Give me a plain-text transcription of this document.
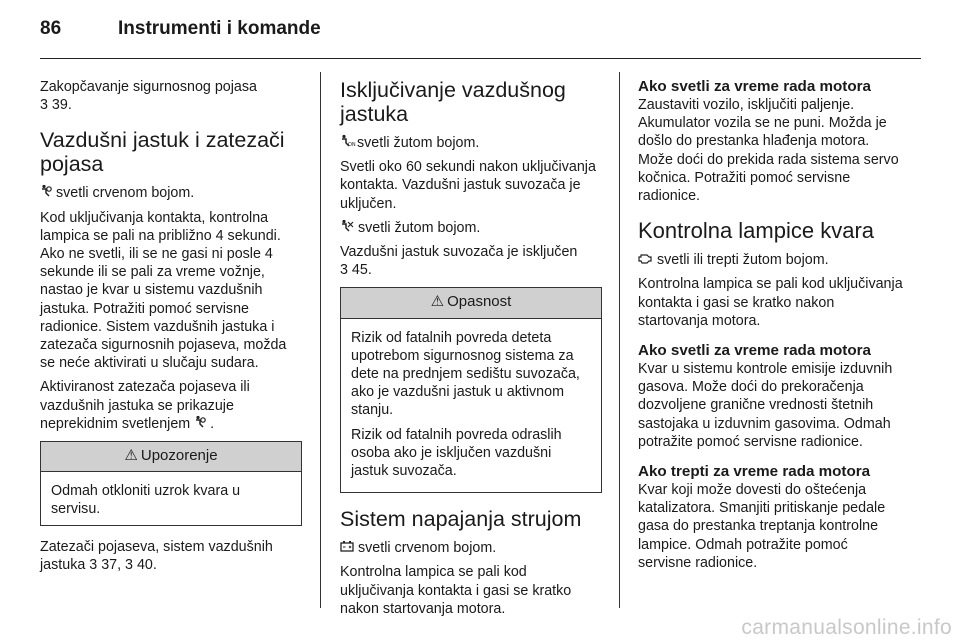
86	Instrumenti i komande

Zakopčavanje sigurnosnog pojasa
3 39.

Vazdušni jastuk i zatezači pojasa

svetli crvenom bojom.

Kod uključivanja kontakta, kontrolna lampica se pali na približno 4 sekundi. Ako ne svetli, ili se ne gasi ni posle 4 sekunde ili se pali za vreme vožnje, nastao je kvar u sistemu vazdušnih jastuka. Potražiti pomoć servisne radionice. Sistem vazdušnih jastuka i zatezača sigurnosnih pojaseva, možda se neće aktivirati u slučaju sudara.

Aktiviranost zatezača pojaseva ili vazdušnih jastuka se prikazuje neprekidnim svetlenjem .

⚠ Upozorenje
Odmah otkloniti uzrok kvara u servisu.

Zatezači pojaseva, sistem vazdušnih jastuka 3 37, 3 40.

Isključivanje vazdušnog jastuka

ON svetli žutom bojom.

Svetli oko 60 sekundi nakon uključivanja kontakta. Vazdušni jastuk suvozača je uključen.

svetli žutom bojom.

Vazdušni jastuk suvozača je isključen
3 45.

⚠ Opasnost

Rizik od fatalnih povreda deteta upotrebom sigurnosnog sistema za dete na prednjem sedištu suvozača, ako je vazdušni jastuk u aktivnom stanju.

Rizik od fatalnih povreda odraslih osoba ako je isključen vazdušni jastuk suvozača.

Sistem napajanja strujom

svetli crvenom bojom.

Kontrolna lampica se pali kod uključivanja kontakta i gasi se kratko nakon startovanja motora.

Ako svetli za vreme rada motora

Zaustaviti vozilo, isključiti paljenje. Akumulator vozila se ne puni. Možda je došlo do prestanka hlađenja motora. Može doći do prekida rada sistema servo kočnica. Potražiti pomoć servisne radionice.

Kontrolna lampice kvara

svetli ili trepti žutom bojom.

Kontrolna lampica se pali kod uključivanja kontakta i gasi se kratko nakon startovanja motora.

Ako svetli za vreme rada motora

Kvar u sistemu kontrole emisije izduvnih gasova. Može doći do prekoračenja dozvoljene granične vrednosti štetnih sastojaka u izduvnim gasovima. Odmah potražite pomoć servisne radionice.

Ako trepti za vreme rada motora

Kvar koji može dovesti do oštećenja katalizatora. Smanjiti pritiskanje pedale gasa do prestanka treptanja kontrolne lampice. Odmah potražite pomoć servisne radionice.

carmanualsonline.info
